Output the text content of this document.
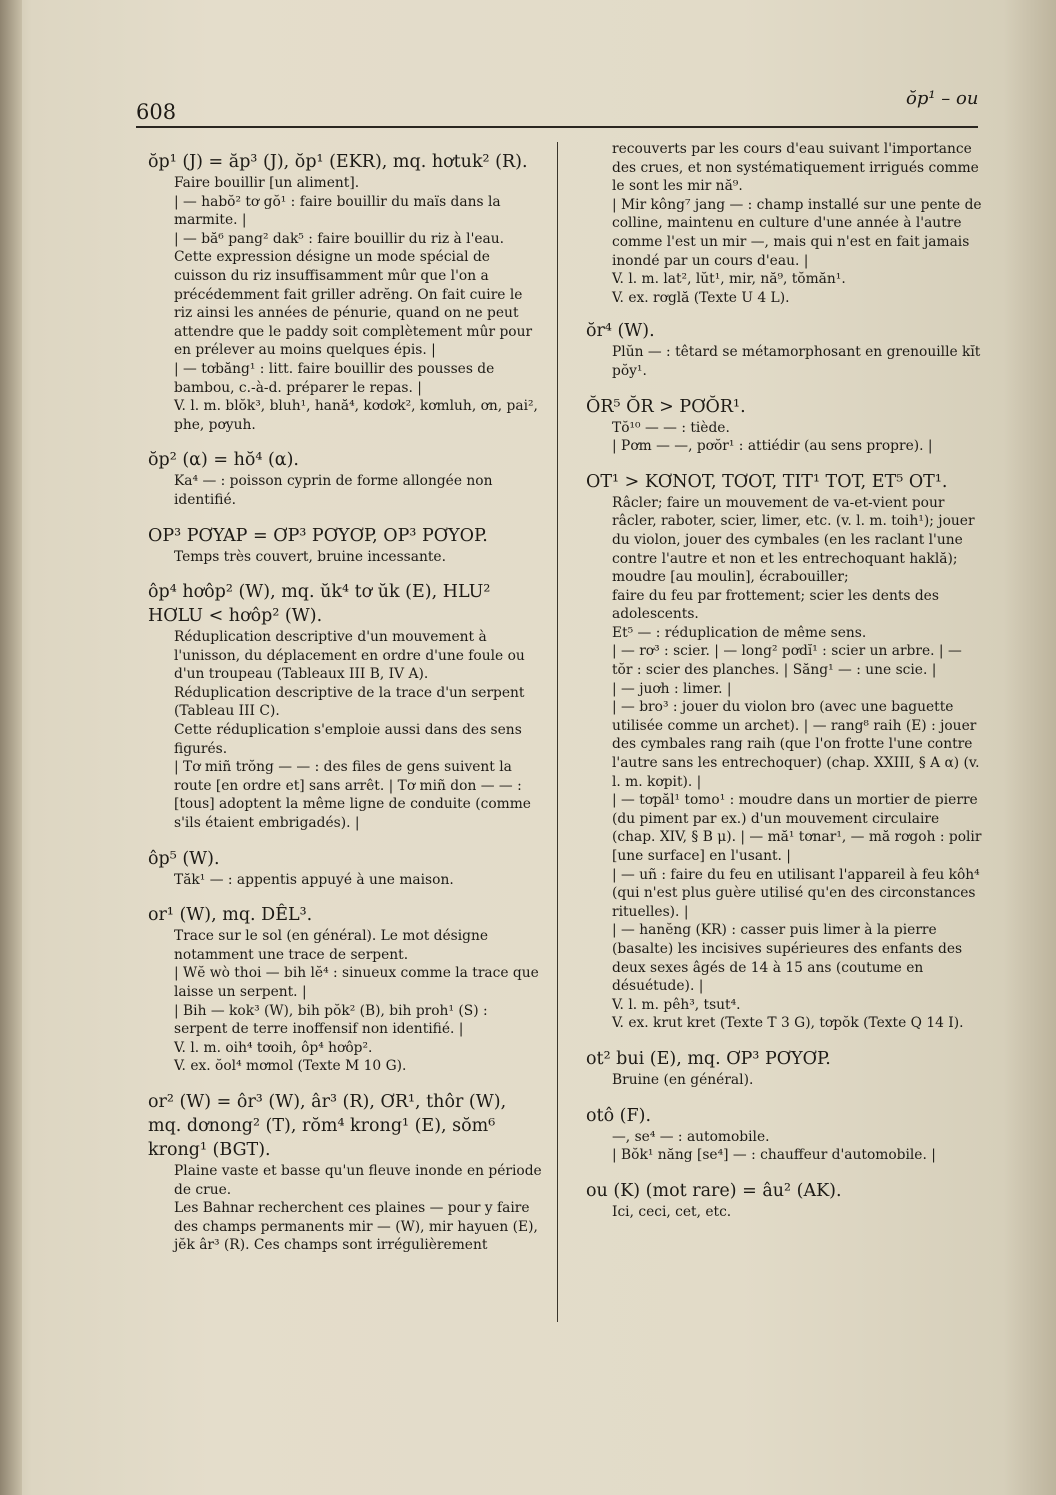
608
ŏp¹ – ou
ŏp¹ (J) = ăp³ (J), ŏp¹ (EKR), mq. hơtuk² (R).
Faire bouillir [un aliment].
| — habŏ² tơ gŏ¹ : faire bouillir du maïs dans la marmite. |
| — bă⁶ pang² dak⁵ : faire bouillir du riz à l'eau. Cette expression désigne un mode spécial de cuisson du riz insuffisamment mûr que l'on a précédemment fait griller adrĕng. On fait cuire le riz ainsi les années de pénurie, quand on ne peut attendre que le paddy soit complètement mûr pour en prélever au moins quelques épis. |
| — tơbăng¹ : litt. faire bouillir des pousses de bambou, c.-à-d. préparer le repas. |
V. l. m. blŏk³, bluh¹, hană⁴, kơdơk², kơmluh, ơn, pai², phe, pơyuh.
ŏp² (α) = hŏ⁴ (α).
Ka⁴ — : poisson cyprin de forme allongée non identifié.
OP³ PƠYAP = ƠP³ PƠYƠP, OP³ PƠYOP.
Temps très couvert, bruine incessante.
ôp⁴ hơôp² (W), mq. ŭk⁴ tơ ŭk (E), HLU² HƠLU < hơôp² (W).
Réduplication descriptive d'un mouvement à l'unisson, du déplacement en ordre d'une foule ou d'un troupeau (Tableaux III B, IV A).
Réduplication descriptive de la trace d'un serpent (Tableau III C).
Cette réduplication s'emploie aussi dans des sens figurés.
| Tơ miñ trŏng — — : des files de gens suivent la route [en ordre et] sans arrêt. | Tơ miñ don — — : [tous] adoptent la même ligne de conduite (comme s'ils étaient embrigadés). |
ôp⁵ (W).
Tăk¹ — : appentis appuyé à une maison.
or¹ (W), mq. DÊL³.
Trace sur le sol (en général). Le mot désigne notamment une trace de serpent.
| Wĕ wò thoi — bih lĕ⁴ : sinueux comme la trace que laisse un serpent. |
| Bih — kok³ (W), bih pŏk² (B), bih proh¹ (S) : serpent de terre inoffensif non identifié. |
V. l. m. oih⁴ tơoih, ôp⁴ hơôp².
V. ex. ŏol⁴ mơmol (Texte M 10 G).
or² (W) = ôr³ (W), âr³ (R), ƠR¹, thôr (W), mq. dơnong² (T), rŏm⁴ krong¹ (E), sŏm⁶ krong¹ (BGT).
Plaine vaste et basse qu'un fleuve inonde en période de crue.
Les Bahnar recherchent ces plaines — pour y faire des champs permanents mir — (W), mir hayuen (E), jĕk âr³ (R). Ces champs sont irrégulièrement
recouverts par les cours d'eau suivant l'importance des crues, et non systématiquement irrigués comme le sont les mir nă⁹.
| Mir kông⁷ jang — : champ installé sur une pente de colline, maintenu en culture d'une année à l'autre comme l'est un mir —, mais qui n'est en fait jamais inondé par un cours d'eau. |
V. l. m. lat², lŭt¹, mir, nă⁹, tŏmăn¹.
V. ex. rơglă (Texte U 4 L).
ŏr⁴ (W).
Plŭn — : têtard se métamorphosant en grenouille kĭt pŏy¹.
ŎR⁵ ŎR > PƠŎR¹.
Tŏ¹⁰ — — : tiède.
| Pơm — —, pơŏr¹ : attiédir (au sens propre). |
OT¹ > KƠNOT, TƠOT, TIT¹ TOT, ET⁵ OT¹.
Râcler; faire un mouvement de va-et-vient pour râcler, raboter, scier, limer, etc. (v. l. m. toih¹); jouer du violon, jouer des cymbales (en les raclant l'une contre l'autre et non et les entrechoquant haklă);
moudre [au moulin], écrabouiller;
faire du feu par frottement; scier les dents des adolescents.
Et⁵ — : réduplication de même sens.
| — rơ³ : scier. | — long² pơdĭ¹ : scier un arbre. | — tŏr : scier des planches. | Săng¹ — : une scie. |
| — juơh : limer. |
| — bro³ : jouer du violon bro (avec une baguette utilisée comme un archet). | — rang⁸ raih (E) : jouer des cymbales rang raih (que l'on frotte l'une contre l'autre sans les entrechoquer) (chap. XXIII, § A α) (v. l. m. kơpit). |
| — tơpăl¹ tomo¹ : moudre dans un mortier de pierre (du piment par ex.) d'un mouvement circulaire (chap. XIV, § B μ). | — mă¹ tơnar¹, — mă rơgoh : polir [une surface] en l'usant. |
| — uñ : faire du feu en utilisant l'appareil à feu kôh⁴ (qui n'est plus guère utilisé qu'en des circonstances rituelles). |
| — hanĕng (KR) : casser puis limer à la pierre (basalte) les incisives supérieures des enfants des deux sexes âgés de 14 à 15 ans (coutume en désuétude). |
V. l. m. pêh³, tsut⁴.
V. ex. krut kret (Texte T 3 G), tơpŏk (Texte Q 14 I).
ot² bui (E), mq. ƠP³ PƠYƠP.
Bruine (en général).
otô (F).
—, se⁴ — : automobile.
| Bŏk¹ năng [se⁴] — : chauffeur d'automobile. |
ou (K) (mot rare) = âu² (AK).
Ici, ceci, cet, etc.
